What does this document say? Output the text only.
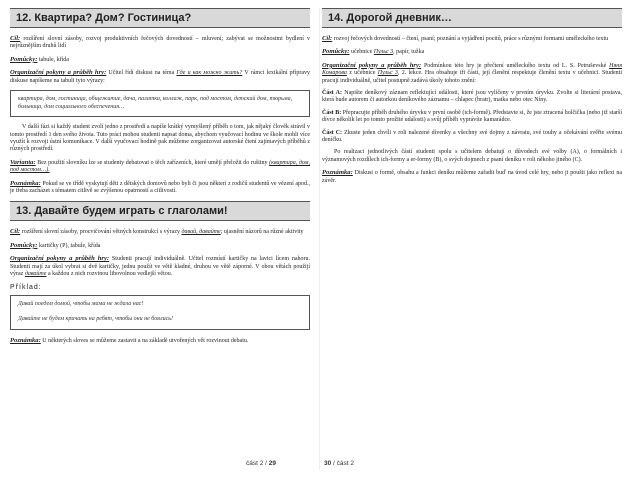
12. Квартира? Дом? Гостиница?

Cíl: rozšíření slovní zásoby, rozvoj produktivních řečových dovedností – mluvení; zabývat se možnostmi bydlení v nejrůznějším druhů lidí

Pomůcky: tabule, křída

Organizační pokyny a průběh hry: Učitel řídí diskusi na téma Где и как можно жить? V rámci lexikální přípravy diskuse napíšeme na tabuli tyto výrazy:

квартира, дом, гостиница, общежитие, дача, палатка, коллаж, парк, под мостом, детский дом, тюрьма, больница, дом социального обеспечения…

V další fázi si každý student zvolí jedno z prostředí a napíše krátký vymyšlený příběh o tom, jak nějaký člověk strávil v tomto prostředí 1 den svého života. Tuto práci mohou studenti napsat doma, abychom vyučovací hodinu ve škole mohli více využít k rozvoji ústní komunikace. V další vyučovací hodině pak můžeme zorganizovat autorské čtení zajímavých příběhů z různých prostředí.

Varianta: Bez použití slovníku lze se studenty debatovat o těch zařízeních, které umějí přeložit do ruštiny (квартира, дом, под мостом…).

Poznámka: Pokud se ve třídě vyskytují děti z dětských domovů nebo byli či jsou některí z rodičů studentů ve vězení apod., je třeba zacházet s tématem citlivě se zvýšenou opatrností a citlivostí.

13. Давайте будем играть с глаголами!

Cíl: rozšíření slovní zásoby, procvičování větných konstrukcí s výrazy давай, давайте; ujasnění názorů na různé aktivity

Pomůcky: kartičky (P), tabule, křída

Organizační pokyny a průběh hry: Studenti pracují individuálně. Učitel rozmístí kartičky na lavici lícem nahoru. Studenti mají za úkol vybrat si dvě kartičky, jednu použít ve větě kladné, druhou ve větě záporné. V obou větách použijí výraz давайте a každou z nich rozvinou libovolnou vedlejší větou.

Příklad:
Давай поедем домой, чтобы мама не ждала нас!
Давайте не будем кричать на ребят, чтобы они не боялись!

Poznámka: U některých sloves se můžeme zastavit a na základě utvořených vět rozvinout debatu.

14. Дорогой дневник…

Cíl: rozvoj řečových dovedností – čtení, psaní; poznání a vyjádření pocitů, práce s různými formami uměleckého textu

Pomůcky: učebnice Пульс 3, papír, tužka

Organizační pokyny a průběh hry: Podmínkou této hry je přečtení uměleckého textu od L. S. Petruševské Няня Комарова z učebnice Пульс 3, 2. lekce. Hra obsahuje tři části, její členění respektuje členění textu v učebnici. Studenti pracují individuálně, učitel postupně zadává úkoly tohoto znění:

Část A: Napište deníkový záznam reflektující události, které jsou vylíčeny v prvním úryvku. Zvolte si literární postava, která bude autorem či autorkou deníkového záznamu – chlapec (bratr), matka nebo otec Níny.

Část B: Přepracujte příběh druhého úryvku v první osobě (ich-formě). Představte si, že jste ztracená holčička (nebo již starší dívce několik let po tomto prožité události) a svůj příběh vyprávíte kamarádce.

Část C: Zkuste jeden chvíli v roli nalezené dívenky a všechny své dojmy z návratu, své touhy a očekávání svěřte svému deníčku.

Po realizaci jednotlivých částí studenti spolu s učitelem debatují o důvodech své volby (A), o formálních i významových rozdílech ich-formy a er-formy (B), o svých dojmech z psaní deníku v roli někoho jiného (C).

Poznámka: Diskusi o formě, obsahu a funkci deníku můžeme zařadit buď na úvod celé hry, nebo ji poušti jako reflexi na závěr.

část 2 / 29	30 / část 2
